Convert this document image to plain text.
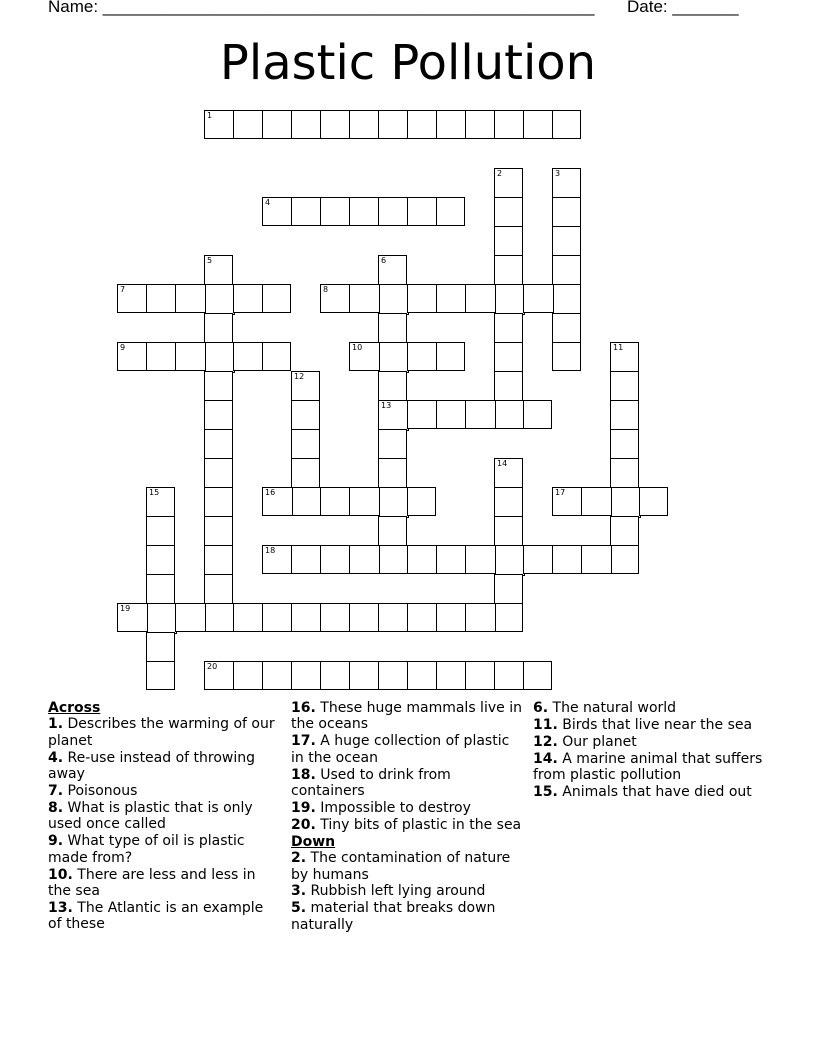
Name: ____________________________________________________ Date: _______
Plastic Pollution
1
2	3
4
5	6
13
7	8
9	10	11
12
14
15	16	17
18
19
20
Across
1. Describes the warming of our planet
4. Re-use instead of throwing away
7. Poisonous
8. What is plastic that is only used once called
9. What type of oil is plastic made from?
10. There are less and less in the sea
13. The Atlantic is an example of these
16. These huge mammals live in the oceans
17. A huge collection of plastic in the ocean
18. Used to drink from containers
19. Impossible to destroy
20. Tiny bits of plastic in the sea
Down
2. The contamination of nature by humans
3. Rubbish left lying around
5. material that breaks down naturally
6. The natural world
11. Birds that live near the sea
12. Our planet
14. A marine animal that suffers from plastic pollution
15. Animals that have died out
